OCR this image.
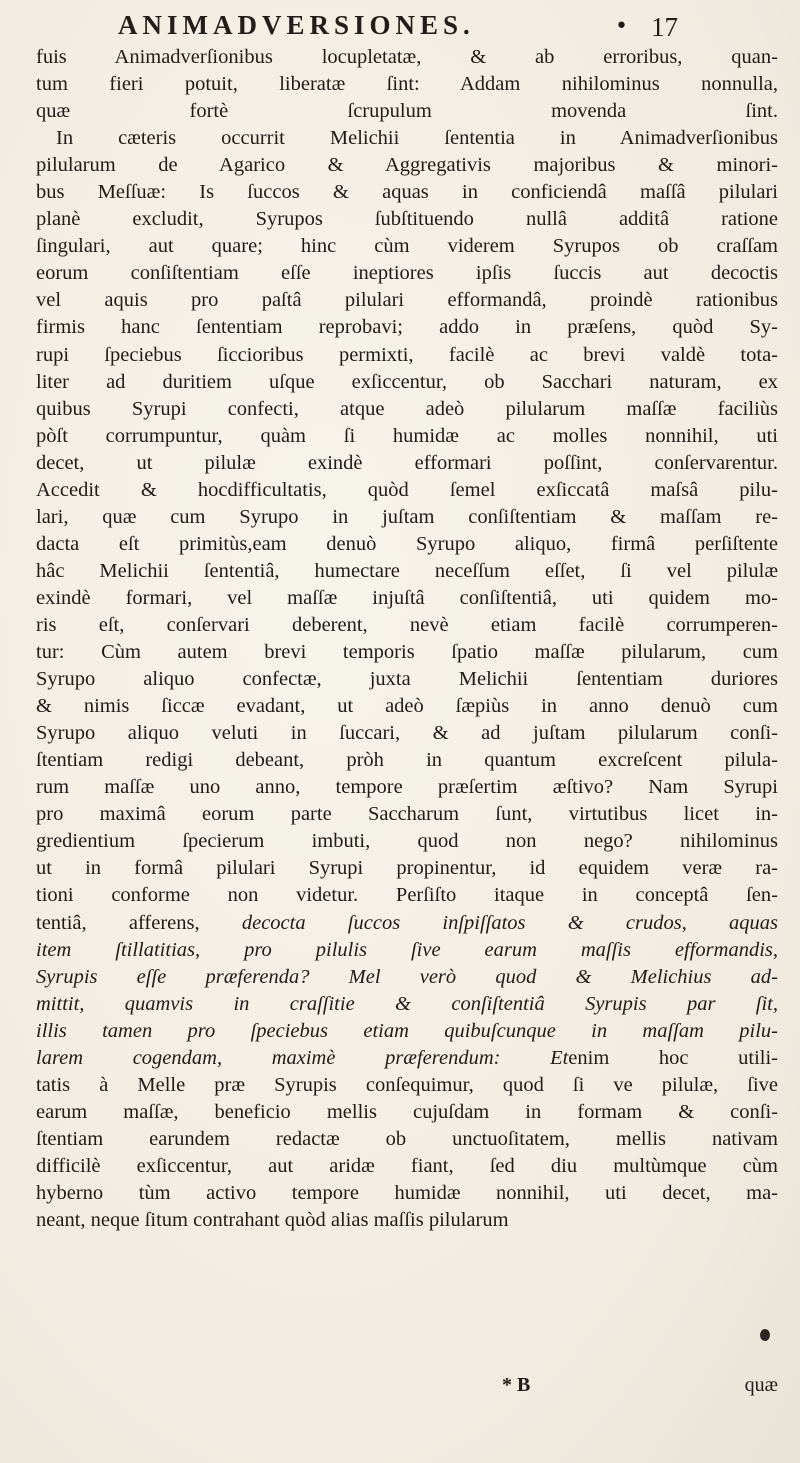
ANIMADVERSIONES.	• 17
fuis Animadverſionibus locupletatæ, & ab erroribus, quan-
tum fieri potuit, liberatæ ſint: Addam nihilominus nonnulla,
quæ fortè ſcrupulum movenda ſint.
In cæteris occurrit Melichii ſententia in Animadverſionibus
pilularum de Agarico & Aggregativis majoribus & minori-
bus Meſſuæ: Is ſuccos & aquas in conficiendâ maſſâ pilulari
planè excludit, Syrupos ſubſtituendo nullâ additâ ratione
ſingulari, aut quare; hinc cùm viderem Syrupos ob craſſam
eorum conſiſtentiam eſſe ineptiores ipſis ſuccis aut decoctis
vel aquis pro paſtâ pilulari efformandâ, proindè rationibus
firmis hanc ſententiam reprobavi; addo in præſens, quòd Sy-
rupi ſpeciebus ſiccioribus permixti, facilè ac brevi valdè tota-
liter ad duritiem uſque exſiccentur, ob Sacchari naturam, ex
quibus Syrupi confecti, atque adeò pilularum maſſæ faciliùs
pòſt corrumpuntur, quàm ſi humidæ ac molles nonnihil, uti
decet, ut pilulæ exindè efformari poſſint, conſervarentur.
Accedit & hocdifficultatis, quòd ſemel exſiccatâ maſsâ pilu-
lari, quæ cum Syrupo in juſtam conſiſtentiam & maſſam re-
dacta eſt primitùs,eam denuò Syrupo aliquo, firmâ perſiſtente
hâc Melichii ſententiâ, humectare neceſſum eſſet, ſi vel pilulæ
exindè formari, vel maſſæ injuſtâ conſiſtentiâ, uti quidem mo-
ris eſt, conſervari deberent, nevè etiam facilè corrumperen-
tur: Cùm autem brevi temporis ſpatio maſſæ pilularum, cum
Syrupo aliquo confectæ, juxta Melichii ſententiam duriores
& nimis ſiccæ evadant, ut adeò ſæpiùs in anno denuò cum
Syrupo aliquo veluti in ſuccari, & ad juſtam pilularum conſi-
ſtentiam redigi debeant, pròh in quantum excreſcent pilula-
rum maſſæ uno anno, tempore præſertim æſtivo? Nam Syrupi
pro maximâ eorum parte Saccharum ſunt, virtutibus licet in-
gredientium ſpecierum imbuti, quod non nego? nihilominus
ut in formâ pilulari Syrupi propinentur, id equidem veræ ra-
tioni conforme non videtur. Perſiſto itaque in conceptâ ſen-
tentiâ, afferens, decocta ſuccos inſpiſſatos & crudos, aquas
item ſtillatitias, pro pilulis ſive earum maſſis efformandis,
Syrupis eſſe præferenda? Mel verò quod & Melichius ad-
mittit, quamvis in craſſitie & conſiſtentiâ Syrupis par ſit,
illis tamen pro ſpeciebus etiam quibuſcunque in maſſam pilu-
larem cogendam, maximè præferendum: Etenim hoc utili-
tatis à Melle præ Syrupis conſequimur, quod ſi ve pilulæ, ſive
earum maſſæ, beneficio mellis cujuſdam in formam & conſi-
ſtentiam earundem redactæ ob unctuoſitatem, mellis nativam
difficilè exſiccentur, aut aridæ fiant, ſed diu multùmque cùm
hyberno tùm activo tempore humidæ nonnihil, uti decet, ma-
neant, neque ſitum contrahant quòd alias maſſis pilularum
* B	quæ
